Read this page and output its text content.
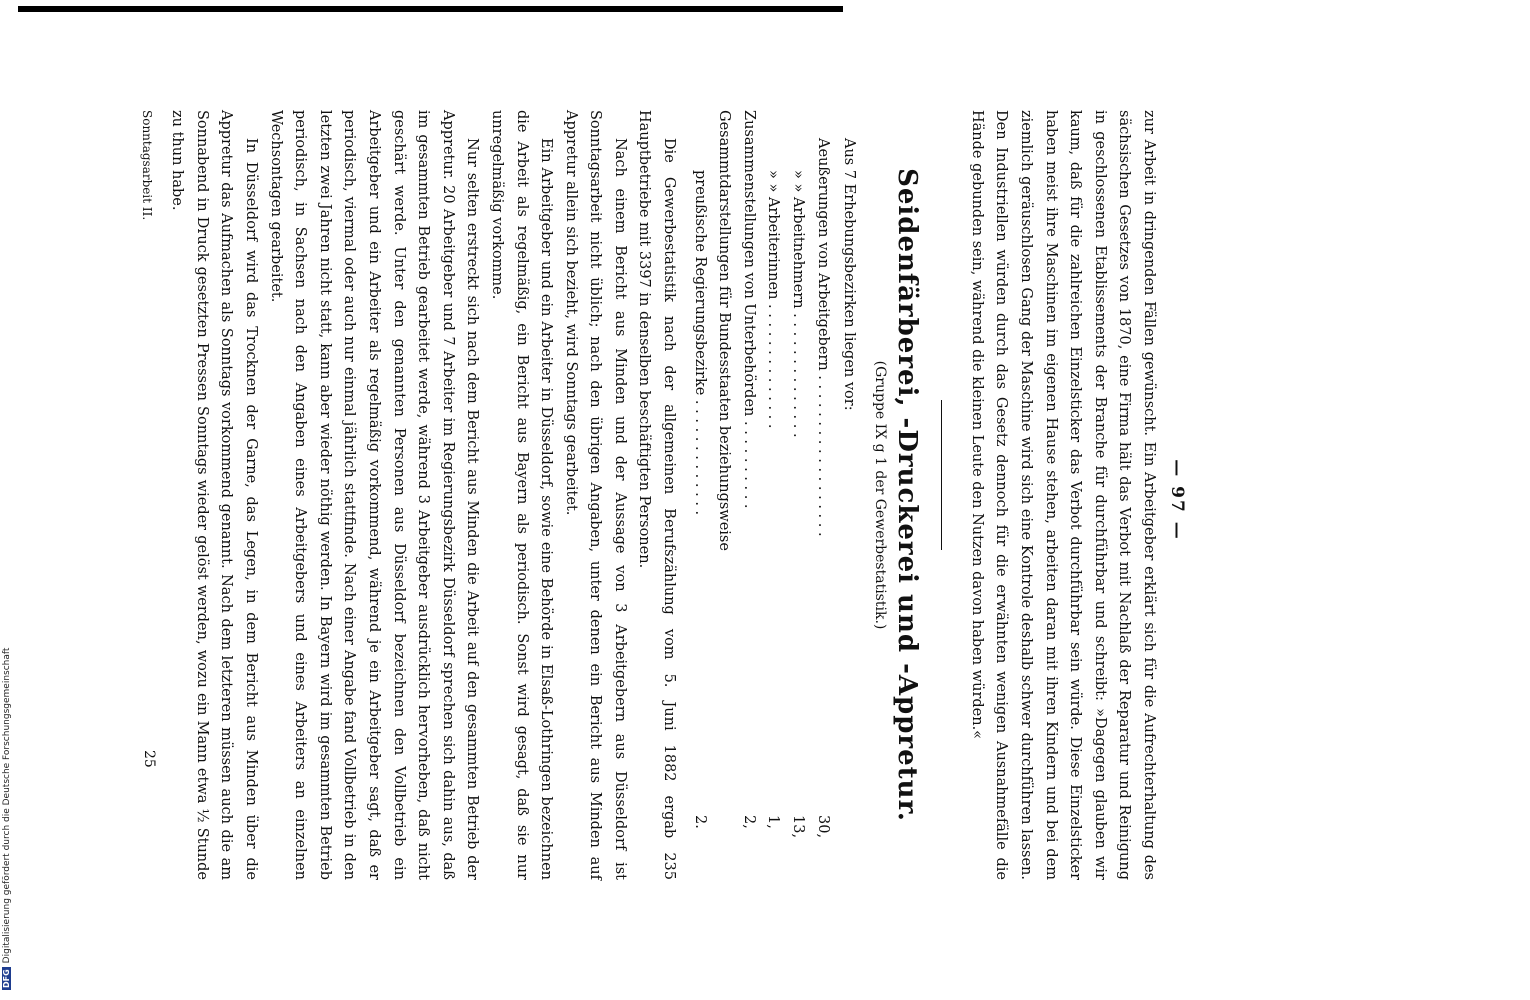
— 97 —

zur Arbeit in dringenden Fällen gewünscht. Ein Arbeitgeber erklärt sich für die Aufrechterhaltung des sächsischen Gesetzes von 1870, eine Firma hält das Verbot mit Nachlaß der Reparatur und Reinigung in geschlossenen Etablissements der Branche für durchführbar und schreibt: »Dagegen glauben wir kaum, daß für die zahlreichen Einzelsticker das Verbot durchführbar sein würde. Diese Einzelsticker haben meist ihre Maschinen im eigenen Hause stehen, arbeiten daran mit ihren Kindern und bei dem ziemlich geräuschlosen Gang der Maschine wird sich eine Kontrole deshalb schwer durchführen lassen. Den Industriellen würden durch das Gesetz dennoch für die erwähnten wenigen Ausnahmefälle die Hände gebunden sein, während die kleinen Leute den Nutzen davon haben würden.«

Seidenfärberei, -Druckerei und -Appretur.
(Gruppe IX g 1 der Gewerbestatistik.)

Aus 7 Erhebungsbezirken liegen vor:

Aeußerungen von Arbeitgebern . . . . . . . . . . . . . . . . . .
30,
» » Arbeitnehmern . . . . . . . . . . . . . .
13,
» » Arbeiterinnen . . . . . . . . . . . . . .
1,
Zusammenstellungen von Unterbehörden . . . . . . . . . .
2,
Gesammtdarstellungen für Bundesstaaten beziehungsweise
preußische Regierungsbezirke . . . . . . . . . . . . .
2.

Die Gewerbestatistik nach der allgemeinen Berufszählung vom 5. Juni 1882 ergab 235 Hauptbetriebe mit 3397 in denselben beschäftigten Personen.

Nach einem Bericht aus Minden und der Aussage von 3 Arbeitgebern aus Düsseldorf ist Sonntagsarbeit nicht üblich; nach den übrigen Angaben, unter denen ein Bericht aus Minden auf Appretur allein sich bezieht, wird Sonntags gearbeitet.

Ein Arbeitgeber und ein Arbeiter in Düsseldorf, sowie eine Behörde in Elsaß-Lothringen bezeichnen die Arbeit als regelmäßig, ein Bericht aus Bayern als periodisch. Sonst wird gesagt, daß sie nur unregelmäßig vorkomme.

Nur selten erstreckt sich nach dem Bericht aus Minden die Arbeit auf den gesammten Betrieb der Appretur. 20 Arbeitgeber und 7 Arbeiter im Regierungsbezirk Düsseldorf sprechen sich dahin aus, daß im gesammten Betrieb gearbeitet werde, während 3 Arbeitgeber ausdrücklich hervorheben, daß nicht geschärt werde. Unter den genannten Personen aus Düsseldorf bezeichnen den Vollbetrieb ein Arbeitgeber und ein Arbeiter als regelmäßig vorkommend, während je ein Arbeitgeber sagt, daß er periodisch, viermal oder auch nur einmal jährlich stattfinde. Nach einer Angabe fand Vollbetrieb in den letzten zwei Jahren nicht statt, kann aber wieder nöthig werden. In Bayern wird im gesammten Betrieb periodisch, in Sachsen nach den Angaben eines Arbeitgebers und eines Arbeiters an einzelnen Wechsontagen gearbeitet.

In Düsseldorf wird das Trocknen der Garne, das Legen, in dem Bericht aus Minden über die Appretur das Aufmachen als Sonntags vorkommend genannt. Nach dem letzteren müssen auch die am Sonnabend in Druck gesetzten Pressen Sonntags wieder gelöst werden, wozu ein Mann etwa ½ Stunde zu thun habe.

Sonntagsarbeit II.
25
DFGDigitalisierung gefördert durch die Deutsche Forschungsgemeinschaft
